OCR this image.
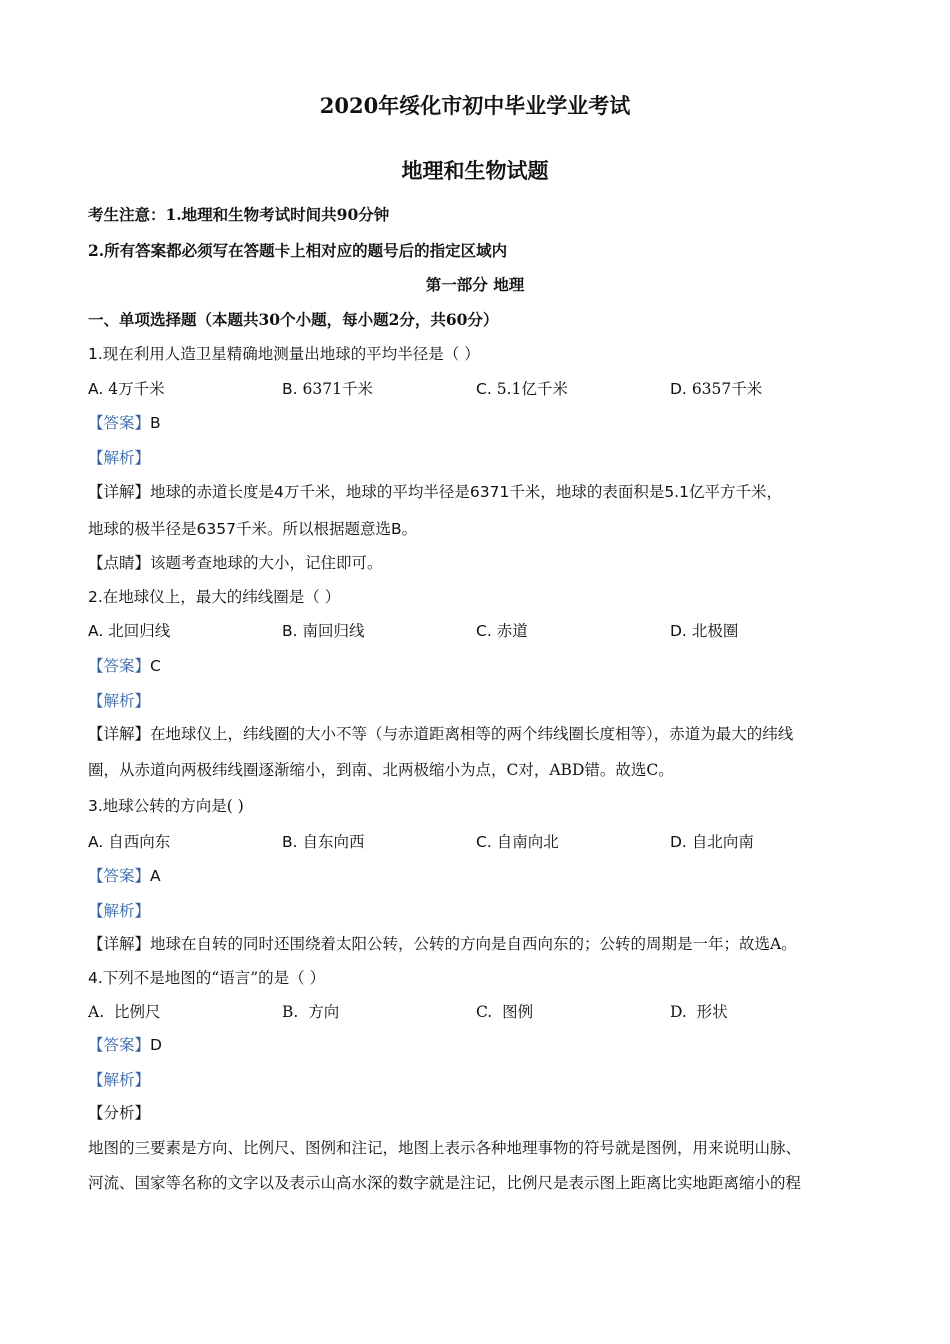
2020年绥化市初中毕业学业考试
地理和生物试题
考生注意：1.地理和生物考试时间共90分钟
2.所有答案都必须写在答题卡上相对应的题号后的指定区域内
第一部分 地理
一、单项选择题（本题共30个小题，每小题2分，共60分）
1.现在利用人造卫星精确地测量出地球的平均半径是（ ）
A. 4万千米	B. 6371千米	C. 5.1亿千米	D. 6357千米
【答案】B
【解析】
【详解】地球的赤道长度是4万千米，地球的平均半径是6371千米，地球的表面积是5.1亿平方千米，
地球的极半径是6357千米。所以根据题意选B。
【点睛】该题考查地球的大小，记住即可。
2.在地球仪上，最大的纬线圈是（ ）
A. 北回归线	B. 南回归线	C. 赤道	D. 北极圈
【答案】C
【解析】
【详解】在地球仪上，纬线圈的大小不等（与赤道距离相等的两个纬线圈长度相等），赤道为最大的纬线
圈，从赤道向两极纬线圈逐渐缩小，到南、北两极缩小为点，C对，ABD错。故选C。
3.地球公转的方向是( )
A. 自西向东	B. 自东向西	C. 自南向北	D. 自北向南
【答案】A
【解析】
【详解】地球在自转的同时还围绕着太阳公转，公转的方向是自西向东的；公转的周期是一年；故选A。
4.下列不是地图的“语言”的是（ ）
A. 比例尺	B. 方向	C. 图例	D. 形状
【答案】D
【解析】
【分析】
地图的三要素是方向、比例尺、图例和注记，地图上表示各种地理事物的符号就是图例，用来说明山脉、
河流、国家等名称的文字以及表示山高水深的数字就是注记，比例尺是表示图上距离比实地距离缩小的程
